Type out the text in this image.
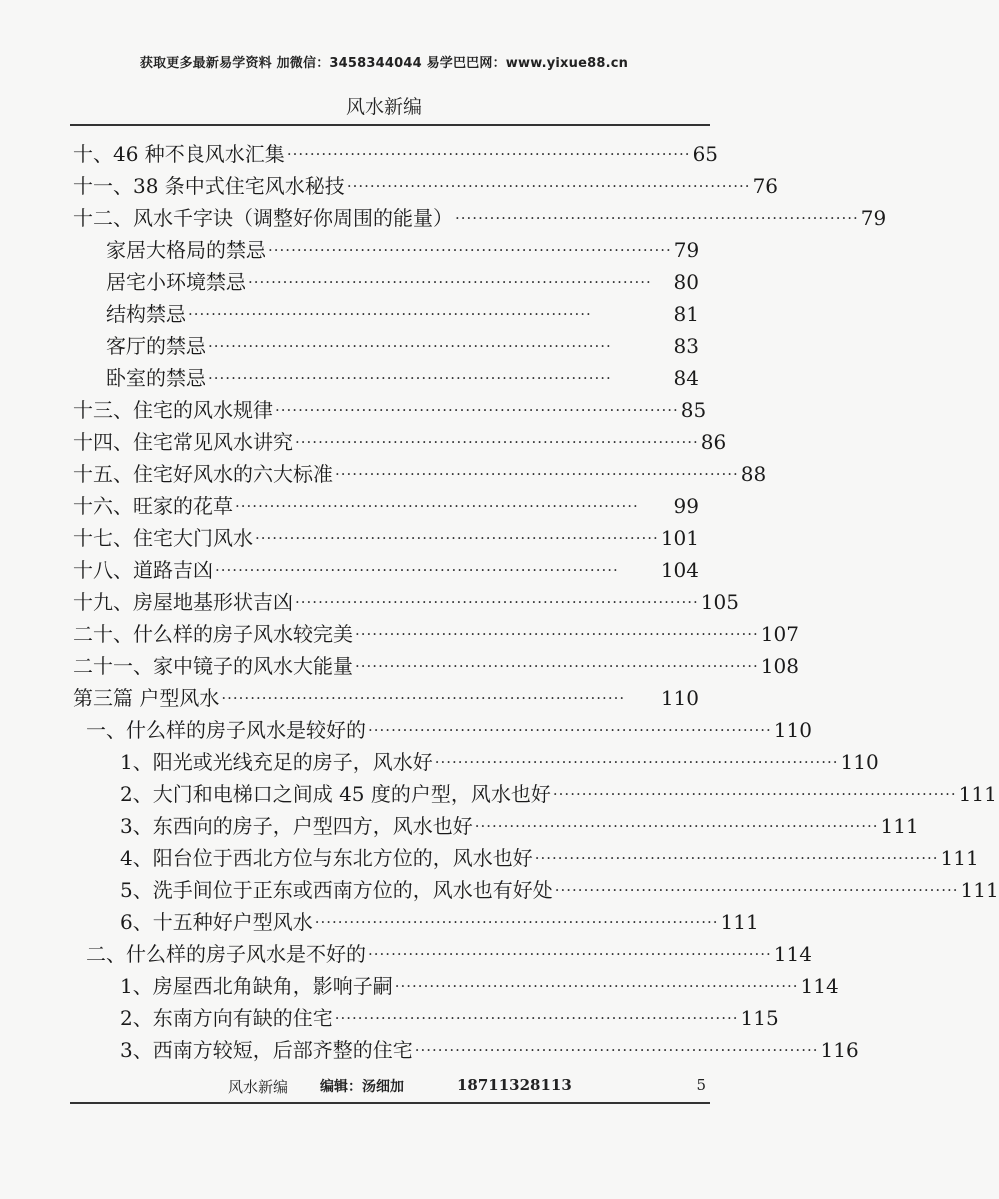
获取更多最新易学资料 加微信：3458344044 易学巴巴网：www.yixue88.cn
风水新编
十、46 种不良风水汇集 ······································································ 65
十一、38 条中式住宅风水秘技 ······································································ 76
十二、风水千字诀（调整好你周围的能量） ······································································ 79
家居大格局的禁忌 ······································································ 79
居宅小环境禁忌 ······································································	80
结构禁忌 ······································································	81
客厅的禁忌 ······································································	83
卧室的禁忌 ······································································	84
十三、住宅的风水规律 ······································································ 85
十四、住宅常见风水讲究 ······································································ 86
十五、住宅好风水的六大标准 ······································································ 88
十六、旺家的花草 ······································································	99
十七、住宅大门风水 ······································································ 101
十八、道路吉凶 ······································································	104
十九、房屋地基形状吉凶 ······································································ 105
二十、什么样的房子风水较完美 ······································································ 107
二十一、家中镜子的风水大能量 ······································································ 108
第三篇 户型风水 ······································································	110
一、什么样的房子风水是较好的 ······································································ 110
1、阳光或光线充足的房子，风水好 ······································································ 110
2、大门和电梯口之间成 45 度的户型，风水也好 ······································································ 111
3、东西向的房子，户型四方，风水也好 ······································································ 111
4、阳台位于西北方位与东北方位的，风水也好 ······································································ 111
5、洗手间位于正东或西南方位的，风水也有好处 ······································································ 111
6、十五种好户型风水 ······································································ 111
二、什么样的房子风水是不好的 ······································································ 114
1、房屋西北角缺角，影响子嗣 ······································································ 114
2、东南方向有缺的住宅 ······································································ 115
3、西南方较短，后部齐整的住宅 ······································································ 116
风水新编 编辑：汤细加	18711328113	5
